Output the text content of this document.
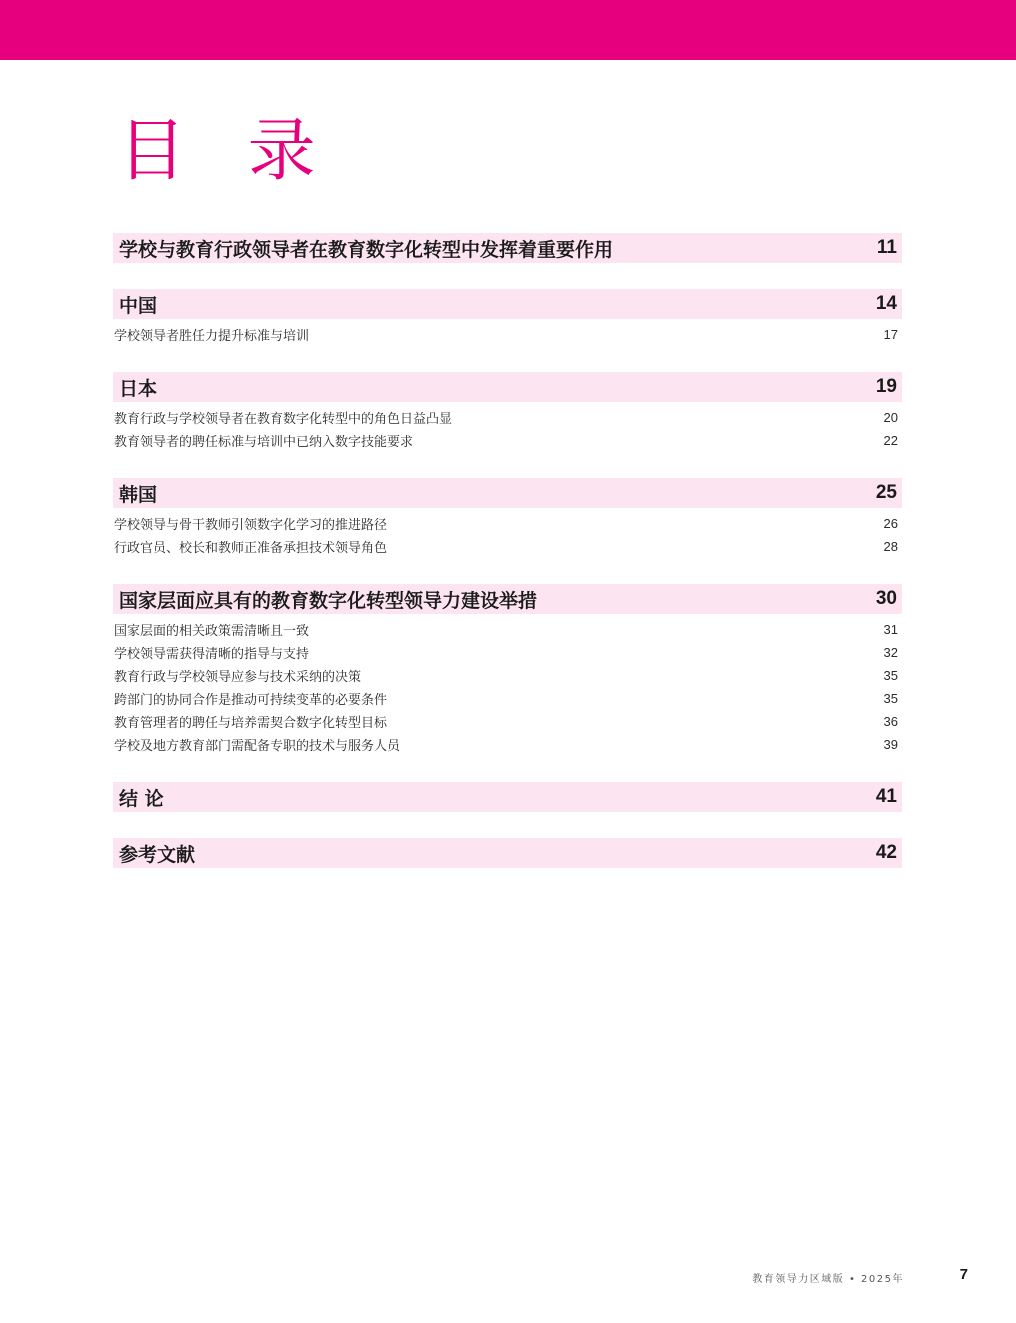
目 录
学校与教育行政领导者在教育数字化转型中发挥着重要作用	11
中国	14
学校领导者胜任力提升标准与培训	17
日本	19
教育行政与学校领导者在教育数字化转型中的角色日益凸显	20
教育领导者的聘任标准与培训中已纳入数字技能要求	22
韩国	25
学校领导与骨干教师引领数字化学习的推进路径	26
行政官员、校长和教师正准备承担技术领导角色	28
国家层面应具有的教育数字化转型领导力建设举措	30
国家层面的相关政策需清晰且一致	31
学校领导需获得清晰的指导与支持	32
教育行政与学校领导应参与技术采纳的决策	35
跨部门的协同合作是推动可持续变革的必要条件	35
教育管理者的聘任与培养需契合数字化转型目标	36
学校及地方教育部门需配备专职的技术与服务人员	39
结 论	41
参考文献	42
教育领导力区域版 • 2025年	7
